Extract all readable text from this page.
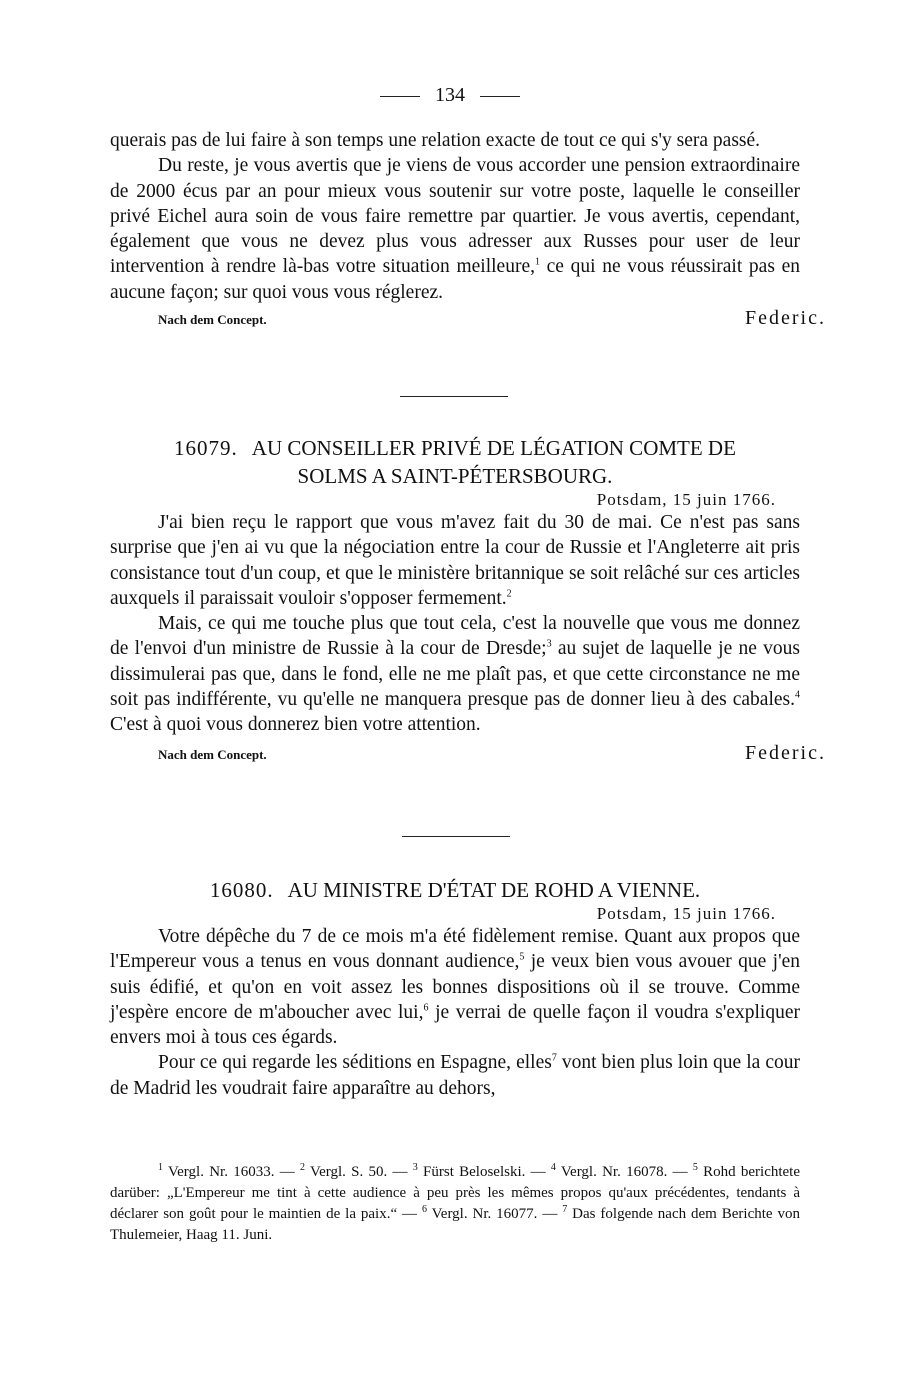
134

querais pas de lui faire à son temps une relation exacte de tout ce qui s'y sera passé.

Du reste, je vous avertis que je viens de vous accorder une pension extraordinaire de 2000 écus par an pour mieux vous soutenir sur votre poste, laquelle le conseiller privé Eichel aura soin de vous faire remettre par quartier. Je vous avertis, cependant, également que vous ne devez plus vous adresser aux Russes pour user de leur intervention à rendre là-bas votre situation meilleure,$^1$ ce qui ne vous réussirait pas en aucune façon; sur quoi vous vous réglerez.

Nach dem Concept.	Federic.
16079. AU CONSEILLER PRIVÉ DE LÉGATION COMTE DE
SOLMS A SAINT-PÉTERSBOURG.
Potsdam, 15 juin 1766.

J'ai bien reçu le rapport que vous m'avez fait du 30 de mai. Ce n'est pas sans surprise que j'en ai vu que la négociation entre la cour de Russie et l'Angleterre ait pris consistance tout d'un coup, et que le ministère britannique se soit relâché sur ces articles auxquels il paraissait vouloir s'opposer fermement.$^2$

Mais, ce qui me touche plus que tout cela, c'est la nouvelle que vous me donnez de l'envoi d'un ministre de Russie à la cour de Dresde;$^3$ au sujet de laquelle je ne vous dissimulerai pas que, dans le fond, elle ne me plaît pas, et que cette circonstance ne me soit pas indifférente, vu qu'elle ne manquera presque pas de donner lieu à des cabales.$^4$ C'est à quoi vous donnerez bien votre attention.

Nach dem Concept.	Federic.
16080. AU MINISTRE D'ÉTAT DE ROHD A VIENNE.
Potsdam, 15 juin 1766.

Votre dépêche du 7 de ce mois m'a été fidèlement remise. Quant aux propos que l'Empereur vous a tenus en vous donnant audience,$^5$ je veux bien vous avouer que j'en suis édifié, et qu'on en voit assez les bonnes dispositions où il se trouve. Comme j'espère encore de m'aboucher avec lui,$^6$ je verrai de quelle façon il voudra s'expliquer envers moi à tous ces égards.

Pour ce qui regarde les séditions en Espagne, elles$^7$ vont bien plus loin que la cour de Madrid les voudrait faire apparaître au dehors,

$^1$ Vergl. Nr. 16033. — $^2$ Vergl. S. 50. — $^3$ Fürst Beloselski. — $^4$ Vergl. Nr. 16078. — $^5$ Rohd berichtete darüber: „L'Empereur me tint à cette audience à peu près les mêmes propos qu'aux précédentes, tendants à déclarer son goût pour le maintien de la paix.“ — $^6$ Vergl. Nr. 16077. — $^7$ Das folgende nach dem Berichte von Thulemeier, Haag 11. Juni.
